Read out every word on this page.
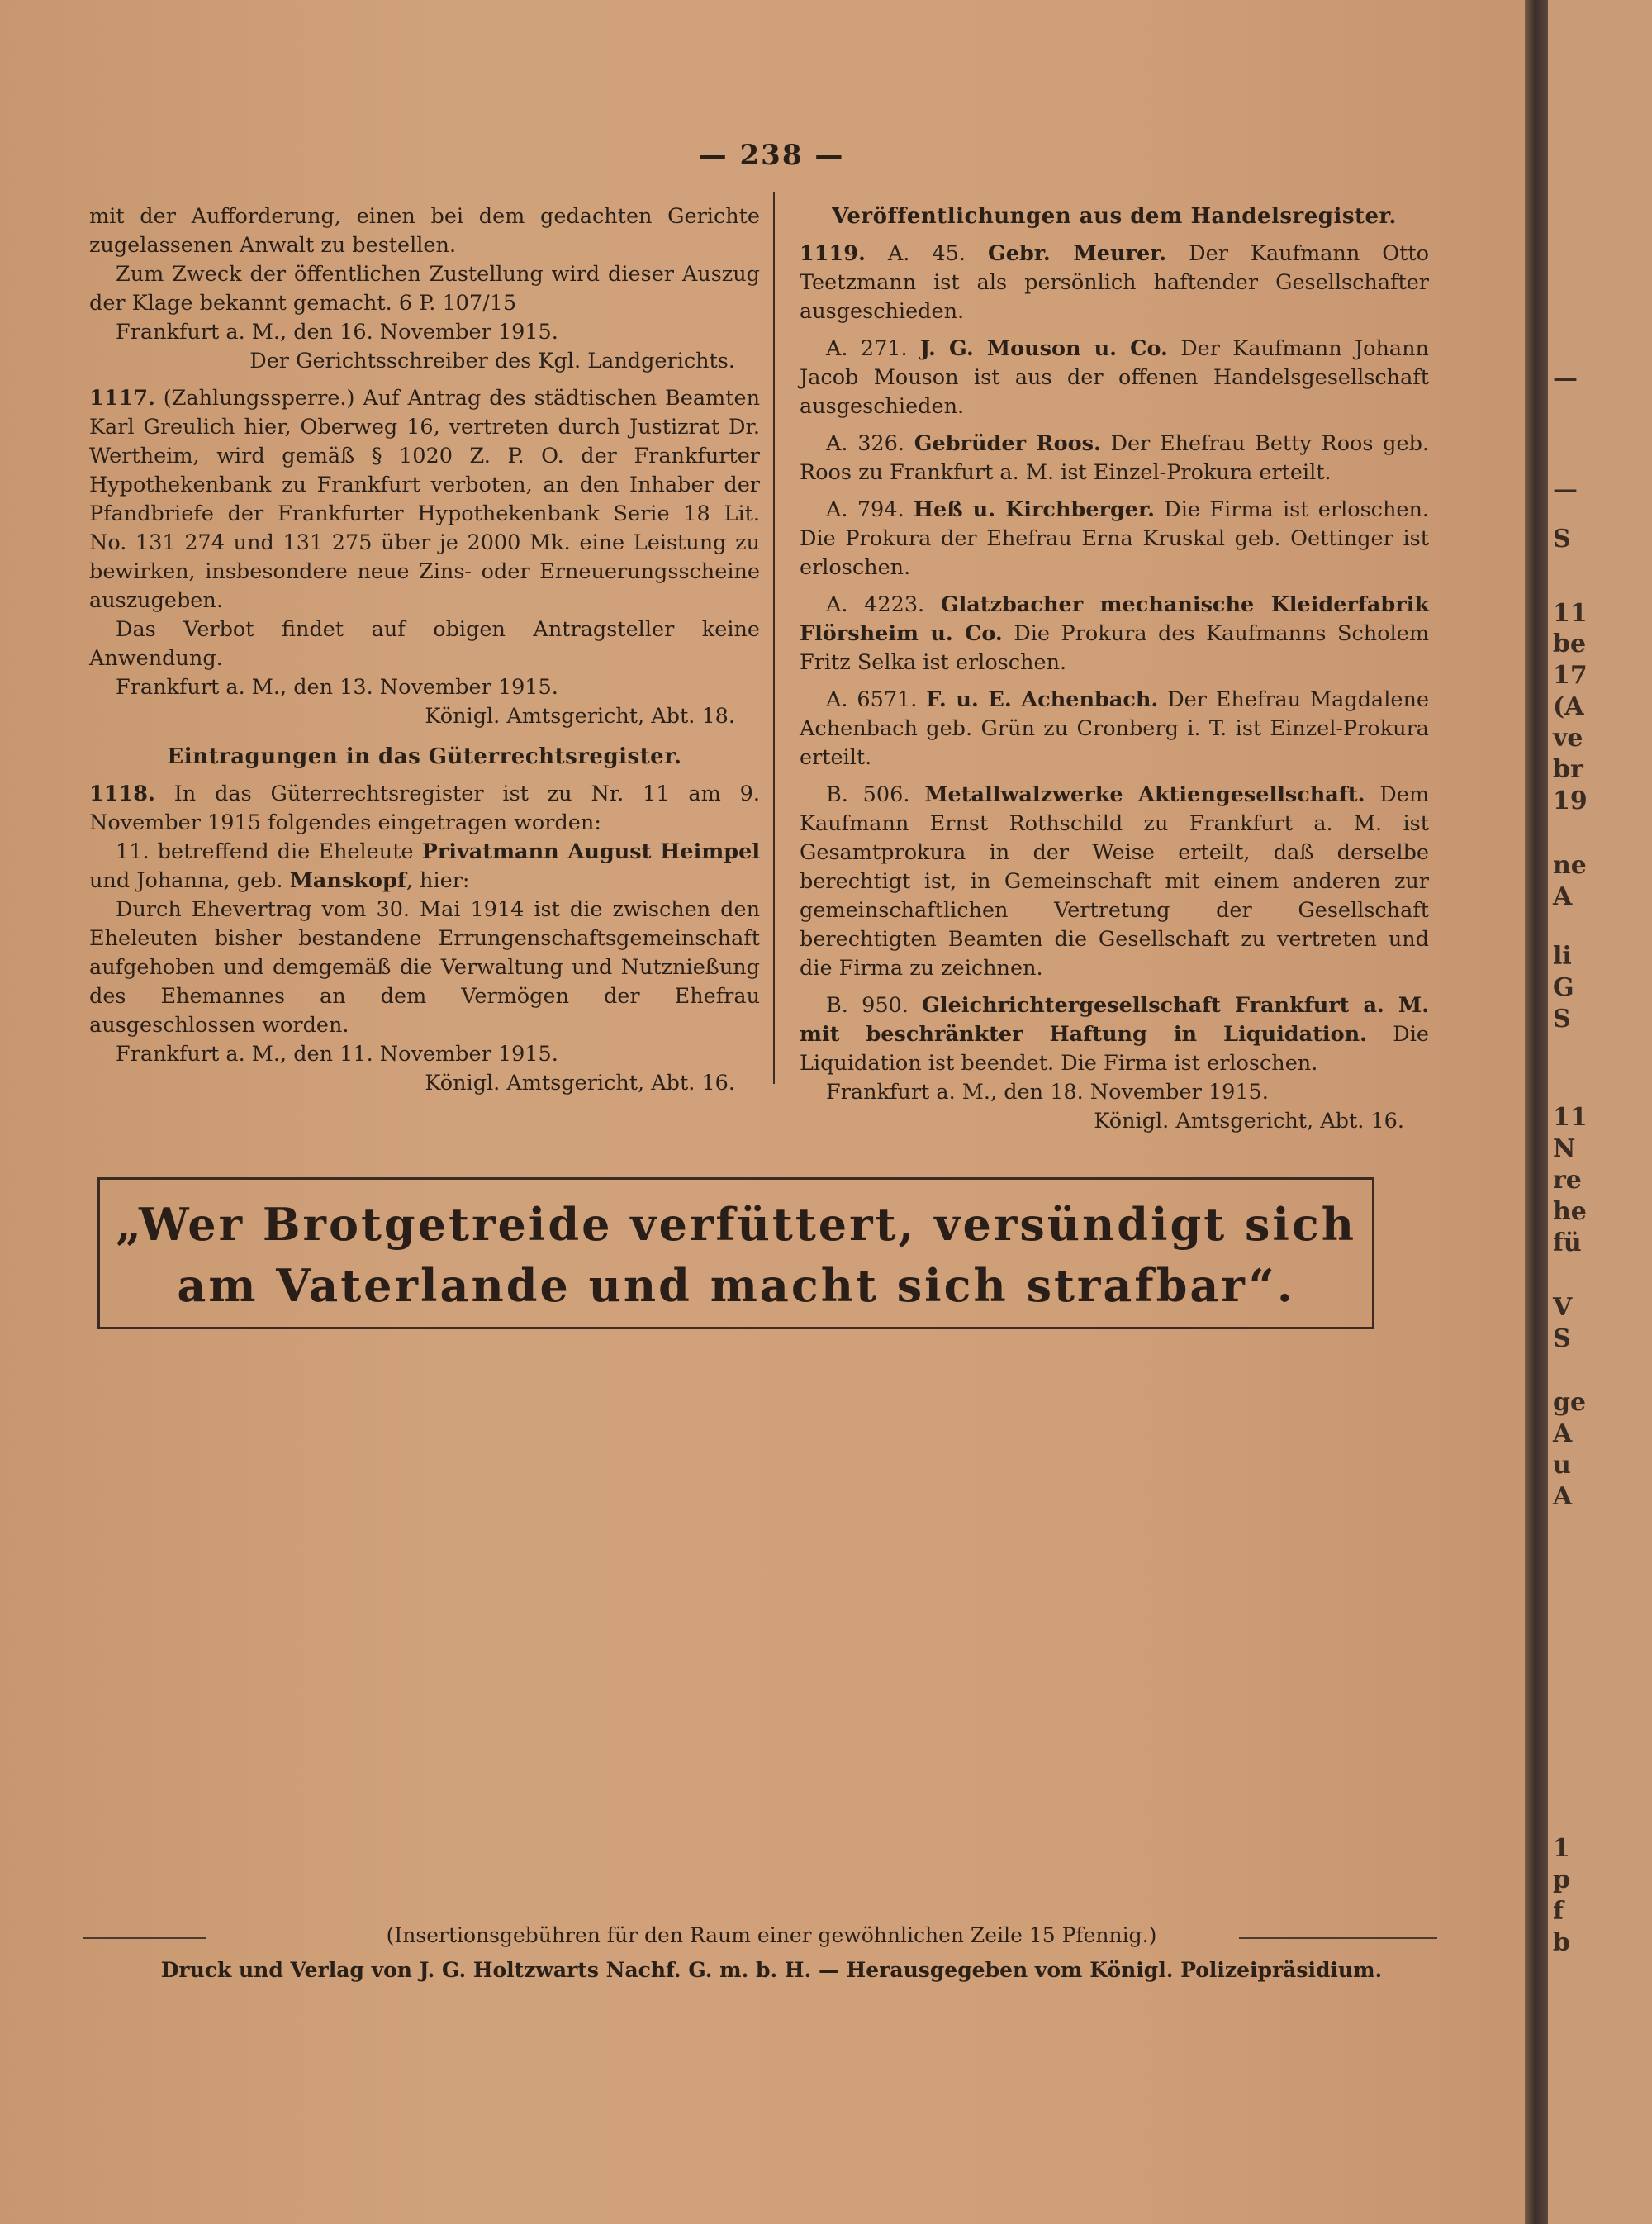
— 238 —

mit der Aufforderung, einen bei dem gedachten Gerichte zugelassenen Anwalt zu bestellen.

Zum Zweck der öffentlichen Zustellung wird dieser Auszug der Klage bekannt gemacht. 6 P. 107/15

Frankfurt a. M., den 16. November 1915.

Der Gerichtsschreiber des Kgl. Landgerichts.

1117. (Zahlungssperre.) Auf Antrag des städtischen Beamten Karl Greulich hier, Oberweg 16, vertreten durch Justizrat Dr. Wertheim, wird gemäß § 1020 Z. P. O. der Frankfurter Hypothekenbank zu Frankfurt verboten, an den Inhaber der Pfandbriefe der Frankfurter Hypothekenbank Serie 18 Lit. No. 131 274 und 131 275 über je 2000 Mk. eine Leistung zu bewirken, insbesondere neue Zins- oder Erneuerungsscheine auszugeben.

Das Verbot findet auf obigen Antragsteller keine Anwendung.

Frankfurt a. M., den 13. November 1915.

Königl. Amtsgericht, Abt. 18.

Eintragungen in das Güterrechtsregister.

1118. In das Güterrechtsregister ist zu Nr. 11 am 9. November 1915 folgendes eingetragen worden:

11. betreffend die Eheleute Privatmann August Heimpel und Johanna, geb. Manskopf, hier:

Durch Ehevertrag vom 30. Mai 1914 ist die zwischen den Eheleuten bisher bestandene Errungenschaftsgemeinschaft aufgehoben und demgemäß die Verwaltung und Nutznießung des Ehemannes an dem Vermögen der Ehefrau ausgeschlossen worden.

Frankfurt a. M., den 11. November 1915.

Königl. Amtsgericht, Abt. 16.

Veröffentlichungen aus dem Handelsregister.

1119. A. 45. Gebr. Meurer. Der Kaufmann Otto Teetzmann ist als persönlich haftender Gesellschafter ausgeschieden.

A. 271. J. G. Mouson u. Co. Der Kaufmann Johann Jacob Mouson ist aus der offenen Handelsgesellschaft ausgeschieden.

A. 326. Gebrüder Roos. Der Ehefrau Betty Roos geb. Roos zu Frankfurt a. M. ist Einzel-Prokura erteilt.

A. 794. Heß u. Kirchberger. Die Firma ist erloschen. Die Prokura der Ehefrau Erna Kruskal geb. Oettinger ist erloschen.

A. 4223. Glatzbacher mechanische Kleiderfabrik Flörsheim u. Co. Die Prokura des Kaufmanns Scholem Fritz Selka ist erloschen.

A. 6571. F. u. E. Achenbach. Der Ehefrau Magdalene Achenbach geb. Grün zu Cronberg i. T. ist Einzel-Prokura erteilt.

B. 506. Metallwalzwerke Aktiengesellschaft. Dem Kaufmann Ernst Rothschild zu Frankfurt a. M. ist Gesamtprokura in der Weise erteilt, daß derselbe berechtigt ist, in Gemeinschaft mit einem anderen zur gemeinschaftlichen Vertretung der Gesellschaft berechtigten Beamten die Gesellschaft zu vertreten und die Firma zu zeichnen.

B. 950. Gleichrichtergesellschaft Frankfurt a. M. mit beschränkter Haftung in Liquidation. Die Liquidation ist beendet. Die Firma ist erloschen.

Frankfurt a. M., den 18. November 1915.

Königl. Amtsgericht, Abt. 16.

„Wer Brotgetreide verfüttert, versündigt sich
am Vaterlande und macht sich strafbar“.
(Insertionsgebühren für den Raum einer gewöhnlichen Zeile 15 Pfennig.)
Druck und Verlag von J. G. Holtzwarts Nachf. G. m. b. H. — Herausgegeben vom Königl. Polizeipräsidium.
—
—
S
11
be
17
(A
ve
br
19
ne
A
li
G
S
11
N
re
he
fü
V
S
ge
A
u
A
1
p
f
b
